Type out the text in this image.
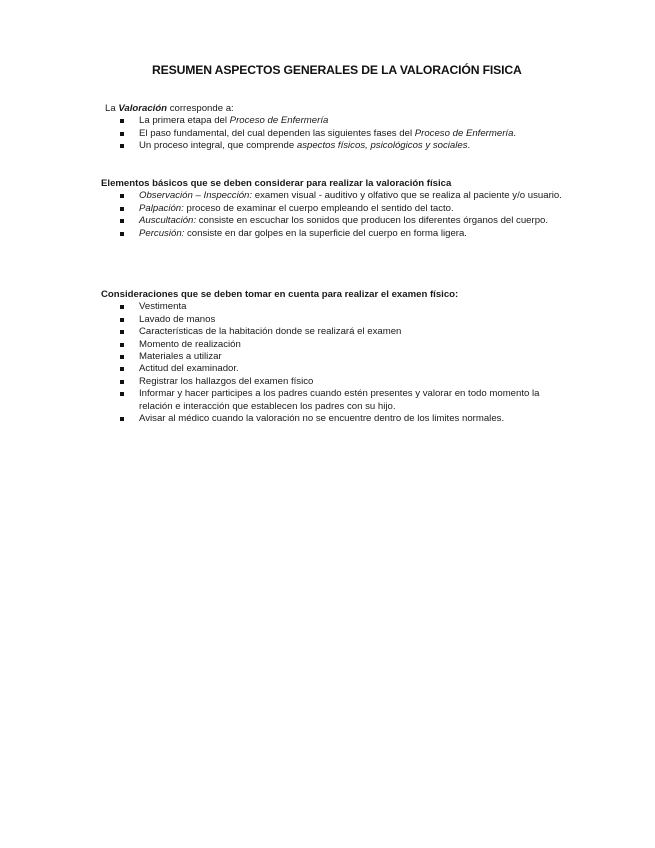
RESUMEN ASPECTOS GENERALES DE LA VALORACIÓN FISICA
La Valoración corresponde a:
La primera etapa del Proceso de Enfermería
El paso fundamental, del cual dependen las siguientes fases del Proceso de Enfermería.
Un proceso integral, que comprende aspectos físicos, psicológicos y sociales.
Elementos básicos que se deben considerar para realizar la valoración física
Observación – Inspección: examen visual - auditivo y olfativo que se realiza al paciente y/o usuario.
Palpación: proceso de examinar el cuerpo empleando el sentido del tacto.
Auscultación: consiste en escuchar los sonidos que producen los diferentes órganos del cuerpo.
Percusión: consiste en dar golpes en la superficie del cuerpo en forma ligera.
Consideraciones que se deben tomar en cuenta para realizar el examen físico:
Vestimenta
Lavado de manos
Características de la habitación donde se realizará el examen
Momento de realización
Materiales a utilizar
Actitud del examinador.
Registrar los hallazgos del examen físico
Informar y hacer participes a los padres cuando estén presentes y valorar en todo momento la relación e interacción que establecen los padres con su hijo.
Avisar al médico cuando la valoración no se encuentre dentro de los limites normales.
